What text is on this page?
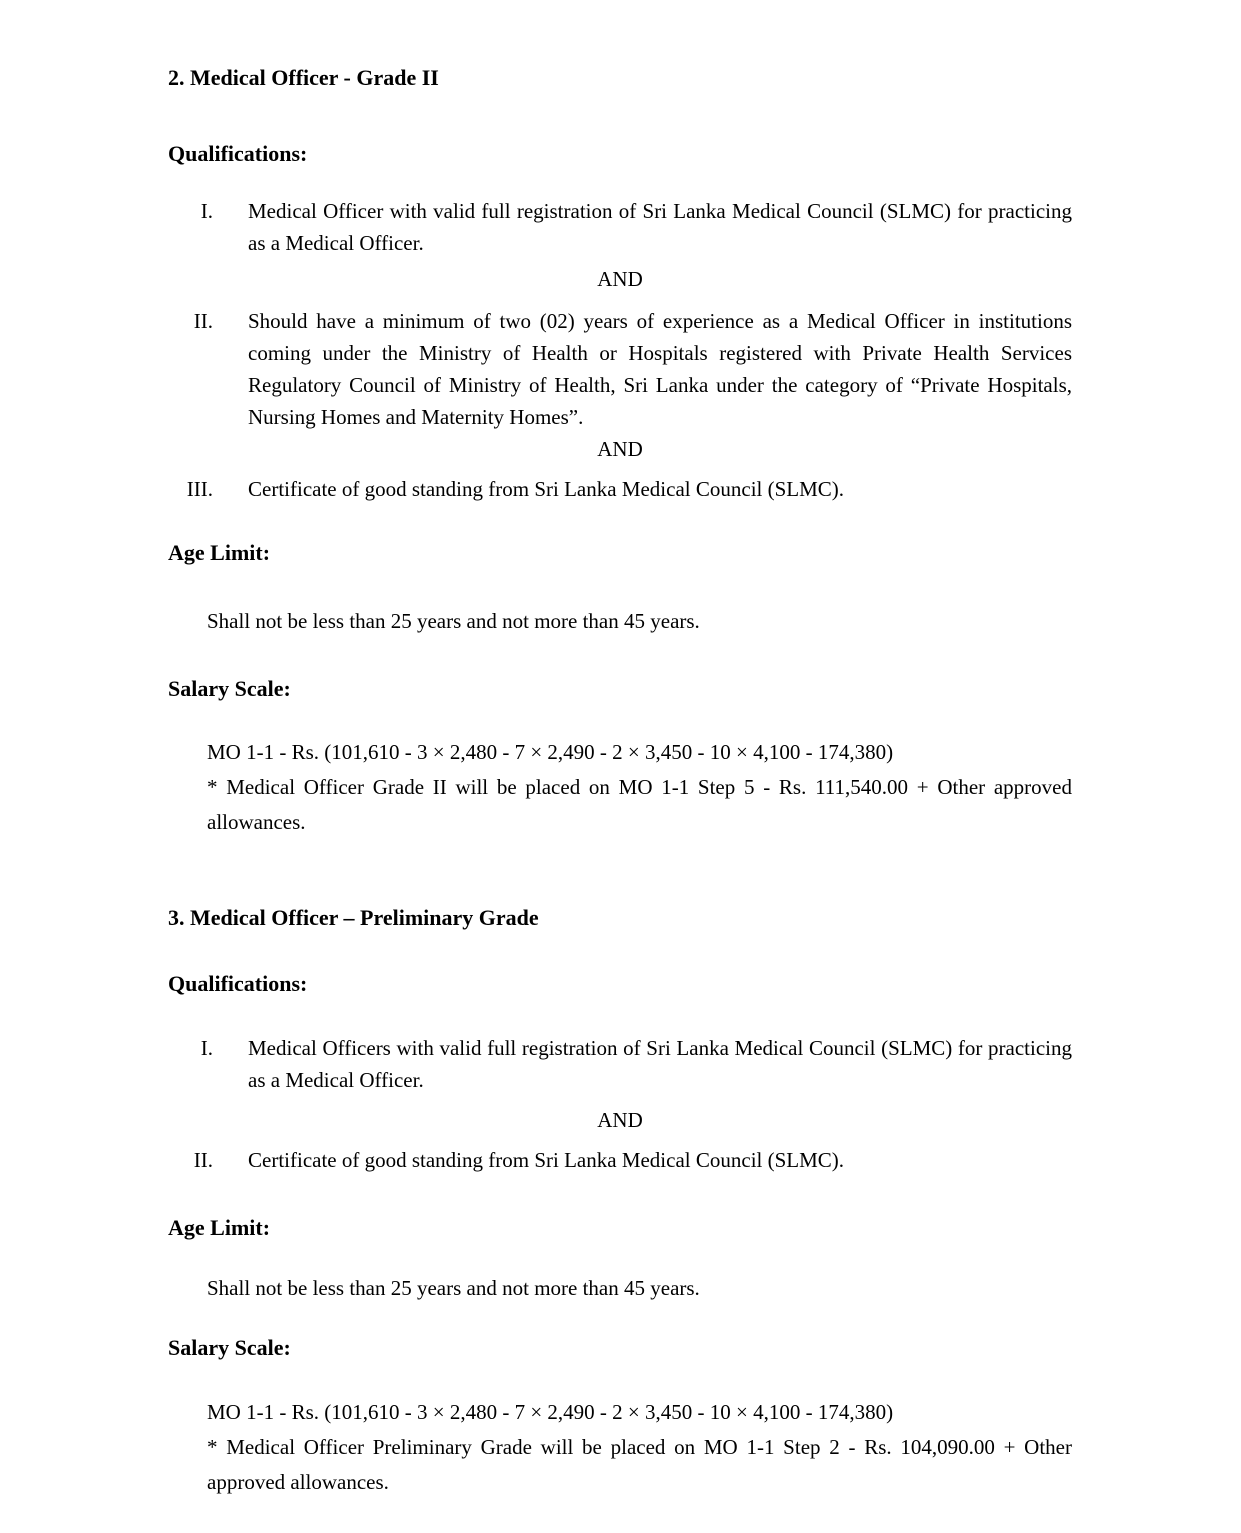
2. Medical Officer - Grade II
Qualifications:
I. Medical Officer with valid full registration of Sri Lanka Medical Council (SLMC) for practicing as a Medical Officer.
AND
II. Should have a minimum of two (02) years of experience as a Medical Officer in institutions coming under the Ministry of Health or Hospitals registered with Private Health Services Regulatory Council of Ministry of Health, Sri Lanka under the category of “Private Hospitals, Nursing Homes and Maternity Homes”.
AND
III. Certificate of good standing from Sri Lanka Medical Council (SLMC).
Age Limit:
Shall not be less than 25 years and not more than 45 years.
Salary Scale:
MO 1-1 - Rs. (101,610 - 3 × 2,480 - 7 × 2,490 - 2 × 3,450 - 10 × 4,100 - 174,380)
* Medical Officer Grade II will be placed on MO 1-1 Step 5 - Rs. 111,540.00 + Other approved allowances.
3. Medical Officer – Preliminary Grade
Qualifications:
I. Medical Officers with valid full registration of Sri Lanka Medical Council (SLMC) for practicing as a Medical Officer.
AND
II. Certificate of good standing from Sri Lanka Medical Council (SLMC).
Age Limit:
Shall not be less than 25 years and not more than 45 years.
Salary Scale:
MO 1-1 - Rs. (101,610 - 3 × 2,480 - 7 × 2,490 - 2 × 3,450 - 10 × 4,100 - 174,380)
* Medical Officer Preliminary Grade will be placed on MO 1-1 Step 2 - Rs. 104,090.00 + Other approved allowances.
